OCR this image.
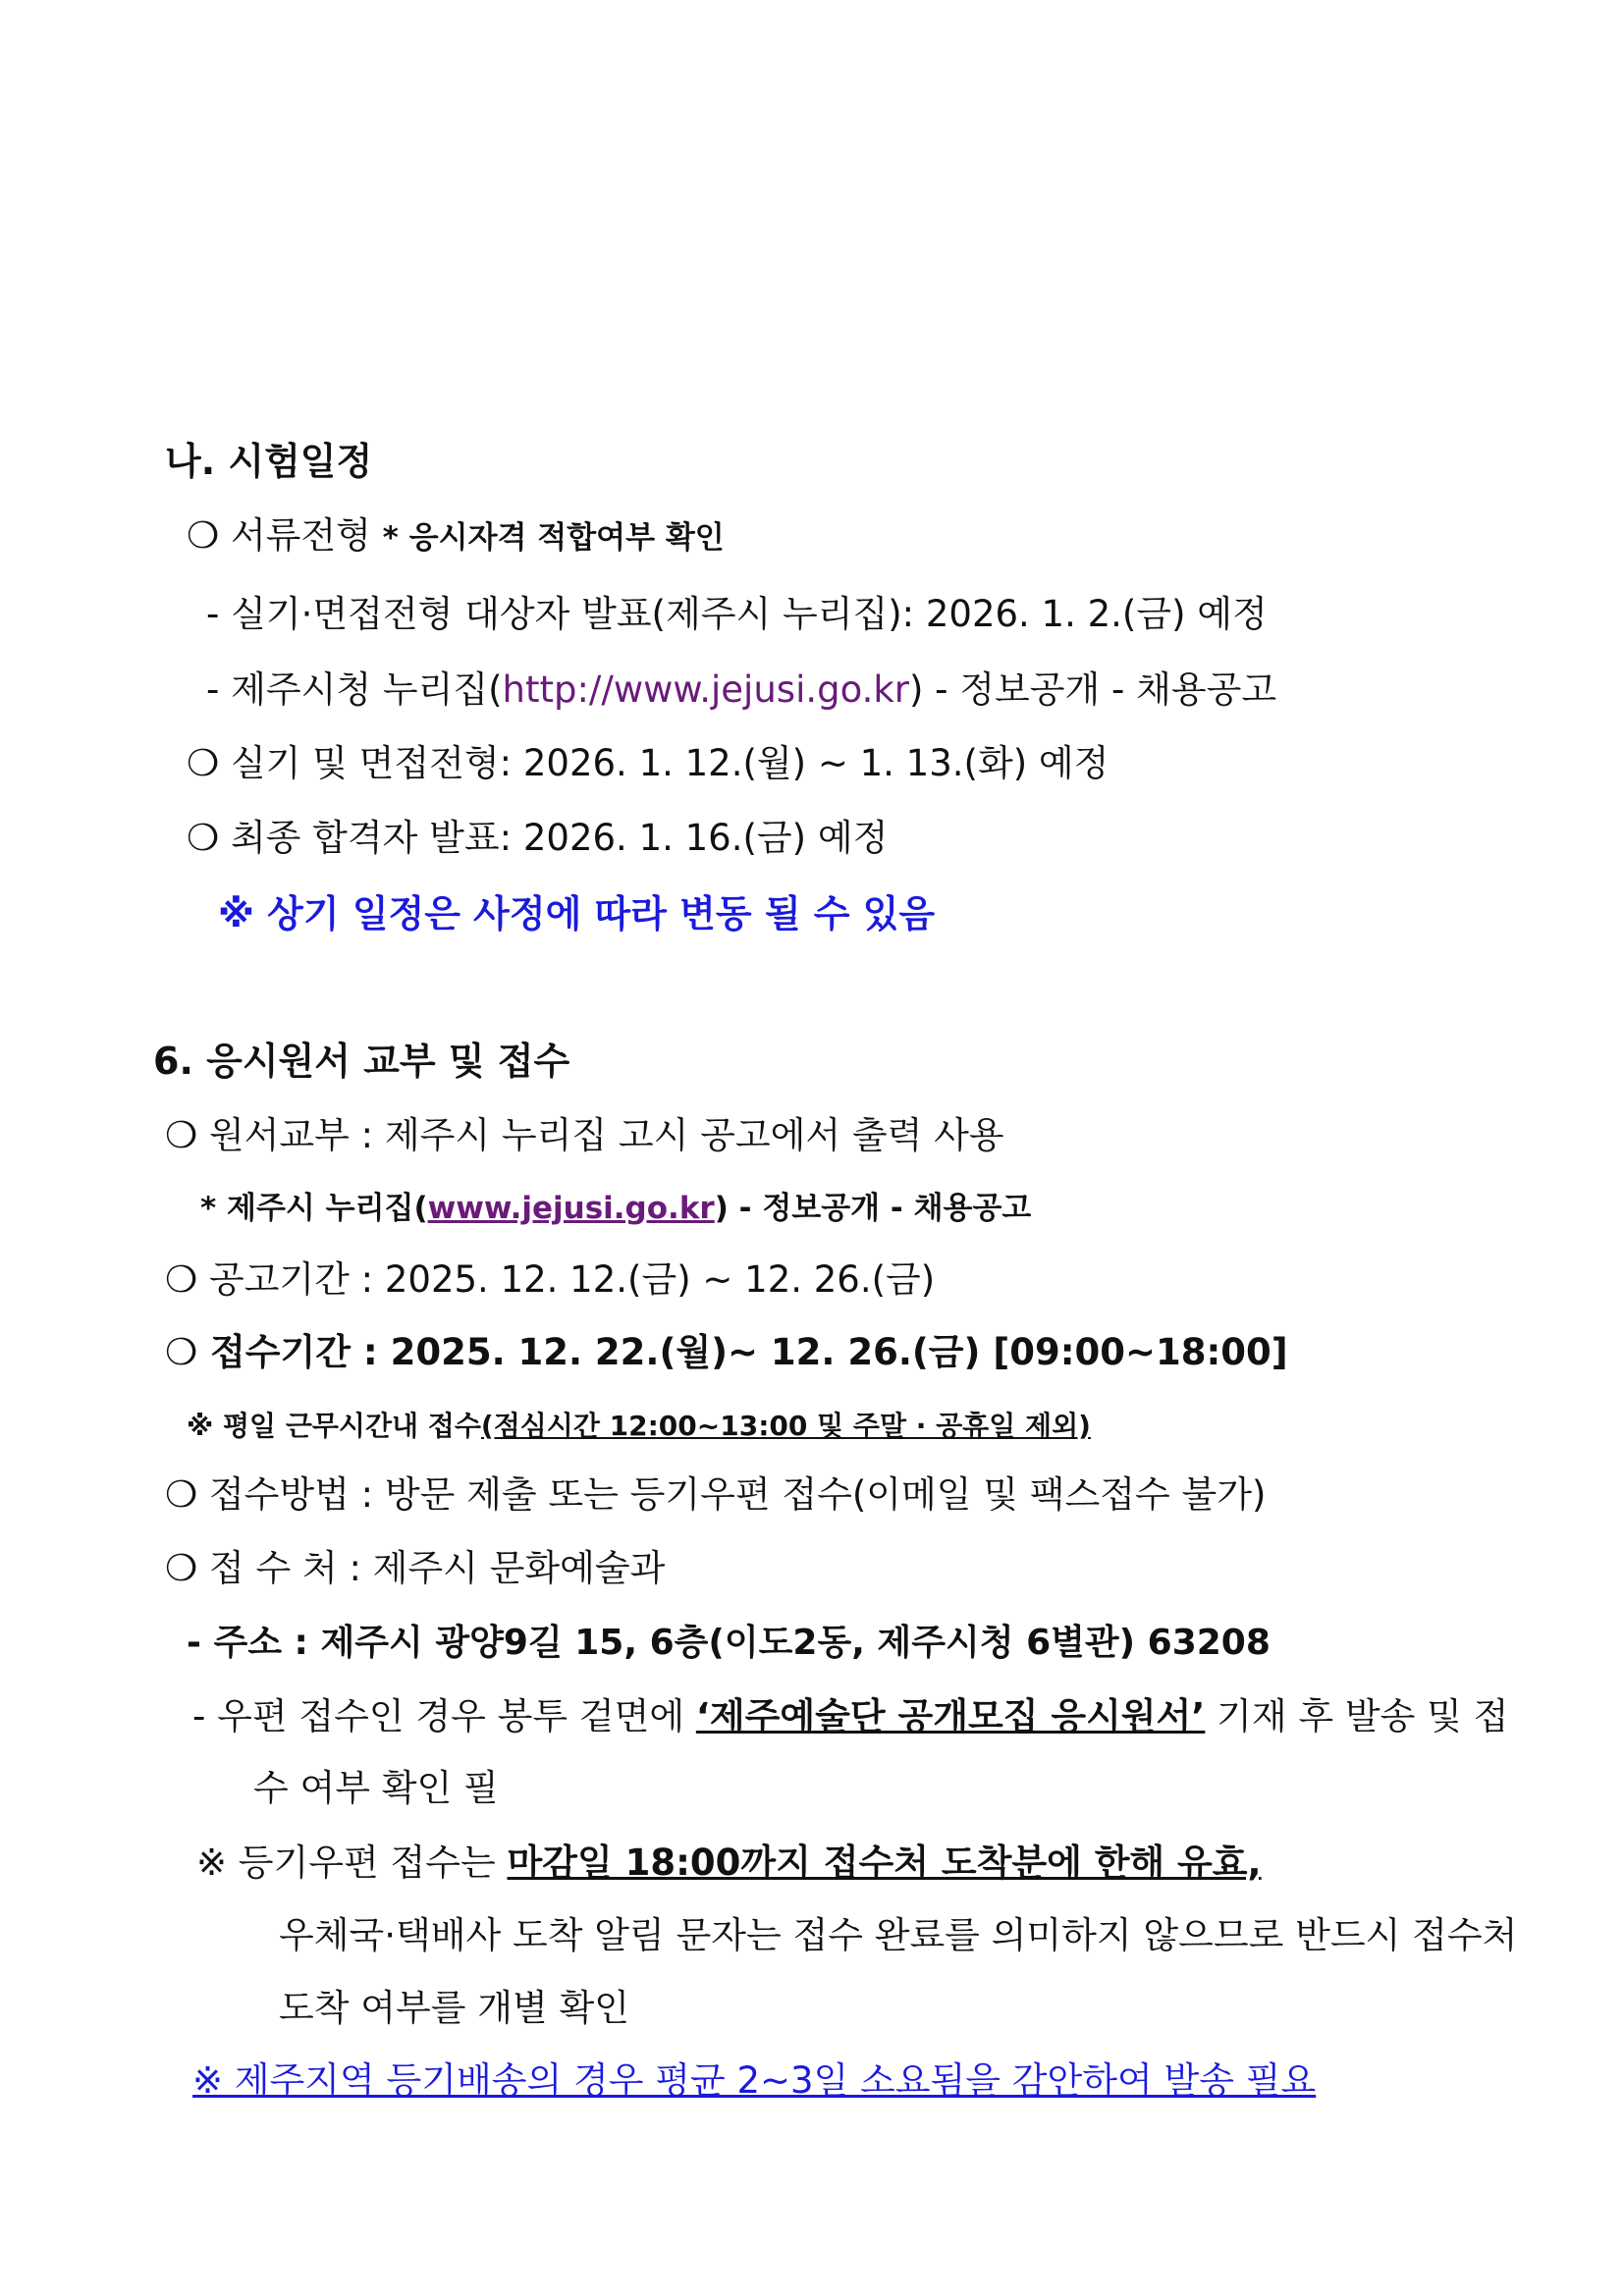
나. 시험일정
❍ 서류전형 * 응시자격 적합여부 확인
- 실기·면접전형 대상자 발표(제주시 누리집): 2026. 1. 2.(금) 예정
- 제주시청 누리집(http://www.jejusi.go.kr) - 정보공개 - 채용공고
❍ 실기 및 면접전형: 2026. 1. 12.(월) ~ 1. 13.(화) 예정
❍ 최종 합격자 발표: 2026. 1. 16.(금) 예정
※ 상기 일정은 사정에 따라 변동 될 수 있음
6. 응시원서 교부 및 접수
❍ 원서교부 : 제주시 누리집 고시 공고에서 출력 사용
* 제주시 누리집(www.jejusi.go.kr) - 정보공개 - 채용공고
❍ 공고기간 : 2025. 12. 12.(금) ~ 12. 26.(금)
❍ 접수기간 : 2025. 12. 22.(월)~ 12. 26.(금) [09:00~18:00]
※ 평일 근무시간내 접수(점심시간 12:00~13:00 및 주말 · 공휴일 제외)
❍ 접수방법 : 방문 제출 또는 등기우편 접수(이메일 및 팩스접수 불가)
❍ 접 수 처 : 제주시 문화예술과
- 주소 : 제주시 광양9길 15, 6층(이도2동, 제주시청 6별관) 63208
- 우편 접수인 경우 봉투 겉면에 ‘제주예술단 공개모집 응시원서’ 기재 후 발송 및 접
수 여부 확인 필
※ 등기우편 접수는 마감일 18:00까지 접수처 도착분에 한해 유효,
우체국·택배사 도착 알림 문자는 접수 완료를 의미하지 않으므로 반드시 접수처
도착 여부를 개별 확인
※ 제주지역 등기배송의 경우 평균 2~3일 소요됨을 감안하여 발송 필요
